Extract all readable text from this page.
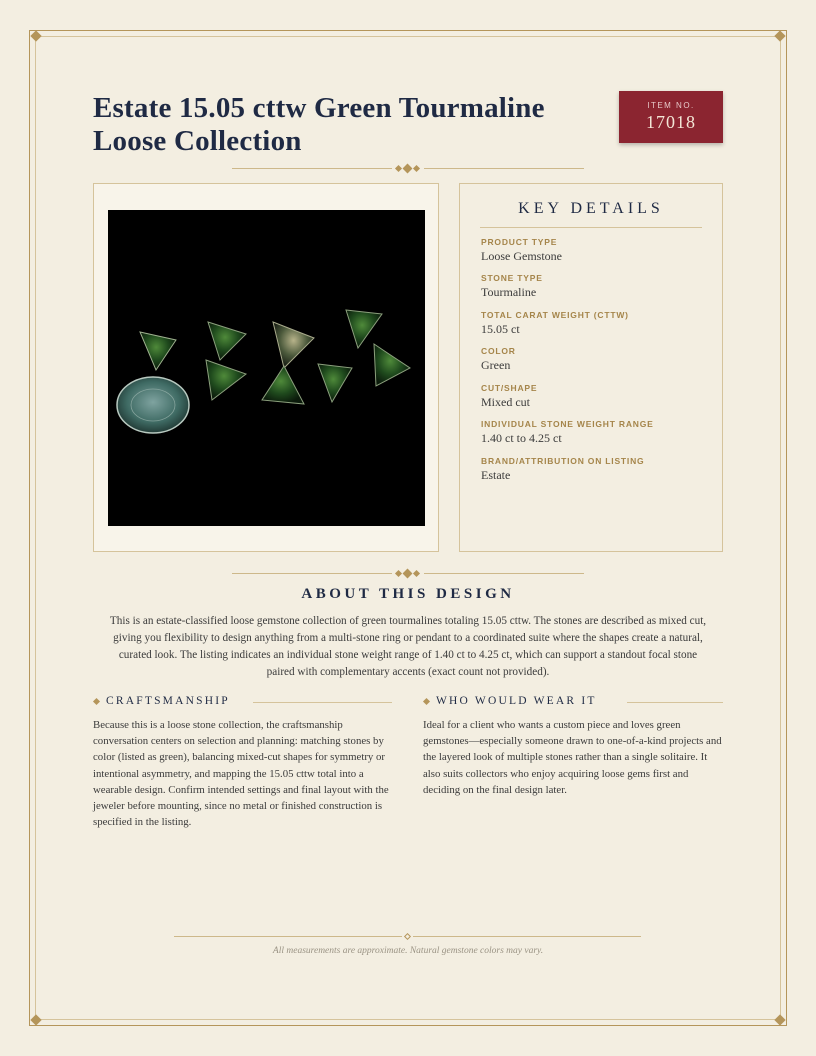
Estate 15.05 cttw Green Tourmaline Loose Collection
ITEM NO.
17018
KEY DETAILS
PRODUCT TYPE
Loose Gemstone
STONE TYPE
Tourmaline
TOTAL CARAT WEIGHT (CTTW)
15.05 ct
COLOR
Green
CUT/SHAPE
Mixed cut
INDIVIDUAL STONE WEIGHT RANGE
1.40 ct to 4.25 ct
BRAND/ATTRIBUTION ON LISTING
Estate
ABOUT THIS DESIGN

This is an estate-classified loose gemstone collection of green tourmalines totaling 15.05 cttw. The stones are described as mixed cut, giving you flexibility to design anything from a multi-stone ring or pendant to a coordinated suite where the shapes create a natural, curated look. The listing indicates an individual stone weight range of 1.40 ct to 4.25 ct, which can support a standout focal stone paired with complementary accents (exact count not provided).

CRAFTSMANSHIP

Because this is a loose stone collection, the craftsmanship conversation centers on selection and planning: matching stones by color (listed as green), balancing mixed-cut shapes for symmetry or intentional asymmetry, and mapping the 15.05 cttw total into a wearable design. Confirm intended settings and final layout with the jeweler before mounting, since no metal or finished construction is specified in the listing.

WHO WOULD WEAR IT

Ideal for a client who wants a custom piece and loves green gemstones—especially someone drawn to one-of-a-kind projects and the layered look of multiple stones rather than a single solitaire. It also suits collectors who enjoy acquiring loose gems first and deciding on the final design later.

All measurements are approximate. Natural gemstone colors may vary.
